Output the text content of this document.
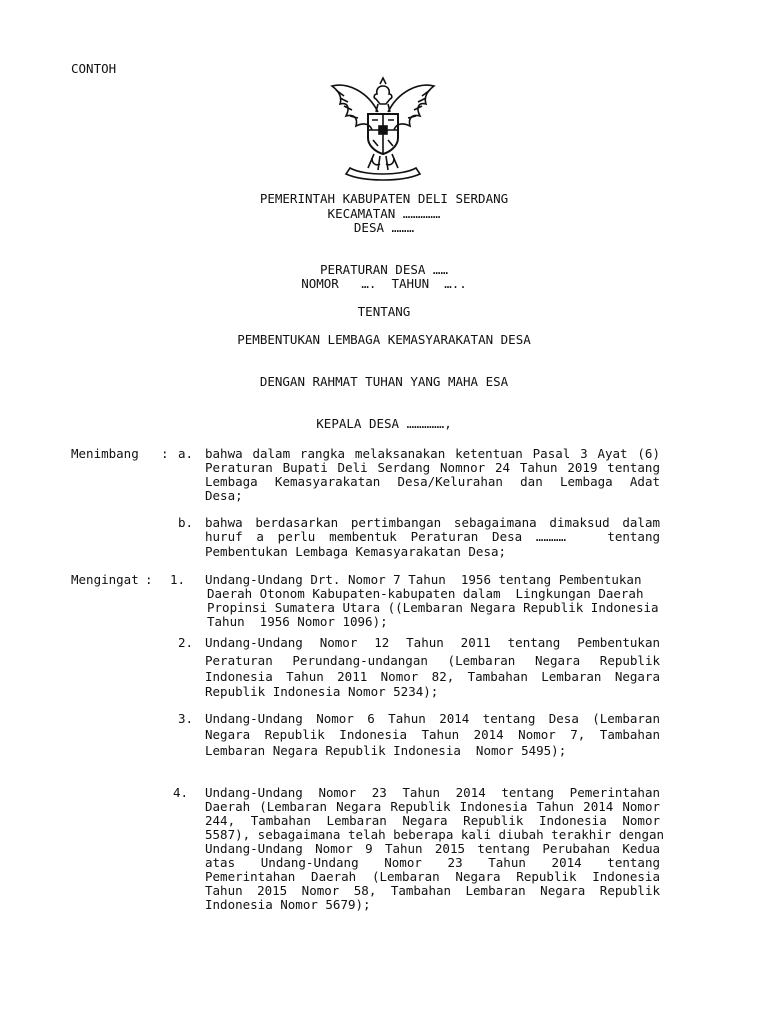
CONTOH
PEMERINTAH KABUPATEN DELI SERDANG
KECAMATAN ……………
DESA ………
PERATURAN DESA ……
NOMOR   ….  TAHUN  …..
TENTANG
PEMBENTUKAN LEMBAGA KEMASYARAKATAN DESA
DENGAN RAHMAT TUHAN YANG MAHA ESA
KEPALA DESA ……………,
Menimbang : a. bahwa dalam rangka melaksanakan ketentuan Pasal 3 Ayat (6)
Peraturan Bupati Deli Serdang Nomnor 24 Tahun 2019 tentang
Lembaga Kemasyarakatan Desa/Kelurahan dan Lembaga Adat
Desa;
b. bahwa berdasarkan pertimbangan sebagaimana dimaksud dalam
huruf a perlu membentuk Peraturan Desa …………   tentang
Pembentukan Lembaga Kemasyarakatan Desa;
Mengingat : 1. Undang-Undang Drt. Nomor 7 Tahun  1956 tentang Pembentukan
Daerah Otonom Kabupaten-kabupaten dalam  Lingkungan Daerah
Propinsi Sumatera Utara ((Lembaran Negara Republik Indonesia
Tahun  1956 Nomor 1096);
2. Undang-Undang Nomor 12 Tahun 2011 tentang Pembentukan
Peraturan Perundang-undangan (Lembaran Negara Republik
Indonesia Tahun 2011 Nomor 82, Tambahan Lembaran Negara
Republik Indonesia Nomor 5234);
3. Undang-Undang Nomor 6 Tahun 2014 tentang Desa (Lembaran
Negara Republik Indonesia Tahun 2014 Nomor 7, Tambahan
Lembaran Negara Republik Indonesia  Nomor 5495);
4. Undang-Undang Nomor 23 Tahun 2014 tentang Pemerintahan
Daerah (Lembaran Negara Republik Indonesia Tahun 2014 Nomor
244, Tambahan Lembaran Negara Republik Indonesia Nomor
5587), sebagaimana telah beberapa kali diubah terakhir dengan
Undang-Undang Nomor 9 Tahun 2015 tentang Perubahan Kedua
atas Undang-Undang Nomor 23 Tahun 2014 tentang
Pemerintahan Daerah (Lembaran Negara Republik Indonesia
Tahun 2015 Nomor 58, Tambahan Lembaran Negara Republik
Indonesia Nomor 5679);
